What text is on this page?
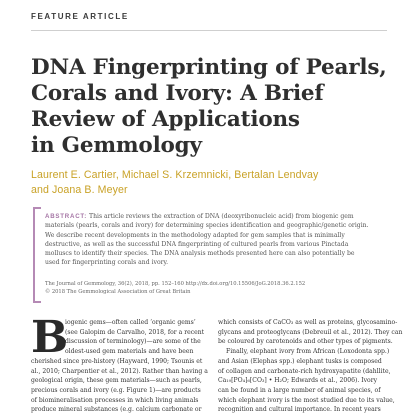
FEATURE ARTICLE
DNA Fingerprinting of Pearls,
Corals and Ivory: A Brief
Review of Applications
in Gemmology
Laurent E. Cartier, Michael S. Krzemnicki, Bertalan Lendvay
and Joana B. Meyer
ABSTRACT: This article reviews the extraction of DNA (deoxyribonucleic acid) from biogenic gem
materials (pearls, corals and ivory) for determining species identification and geographic/genetic origin.
We describe recent developments in the methodology adapted for gem samples that is minimally
destructive, as well as the successful DNA fingerprinting of cultured pearls from various Pinctada
molluscs to identify their species. The DNA analysis methods presented here can also potentially be
used for fingerprinting corals and ivory.
The Journal of Gemmology, 36(2), 2018, pp. 152–160 http://dx.doi.org/10.15506/JoG.2018.36.2.152
© 2018 The Gemmological Association of Great Britain
B
iogenic gems—often called ‘organic gems’
(see Galopim de Carvalho, 2018, for a recent
discussion of terminology)—are some of the
oldest-used gem materials and have been
cherished since pre-history (Hayward, 1990; Tsounis et
al., 2010; Charpentier et al., 2012). Rather than having a
geological origin, these gem materials—such as pearls,
precious corals and ivory (e.g. Figure 1)—are products
of biomineralisation processes in which living animals
produce mineral substances (e.g. calcium carbonate or
which consists of CaCO₃ as well as proteins, glycosamino-
glycans and proteoglycans (Debreuil et al., 2012). They can
be coloured by carotenoids and other types of pigments.
Finally, elephant ivory from African (Loxodonta spp.)
and Asian (Elephas spp.) elephant tusks is composed
of collagen and carbonate-rich hydroxyapatite (dahllite,
Ca₁₀[PO₄]₆[CO₃] • H₂O; Edwards et al., 2006). Ivory
can be found in a large number of animal species, of
which elephant ivory is the most studied due to its value,
recognition and cultural importance. In recent years
